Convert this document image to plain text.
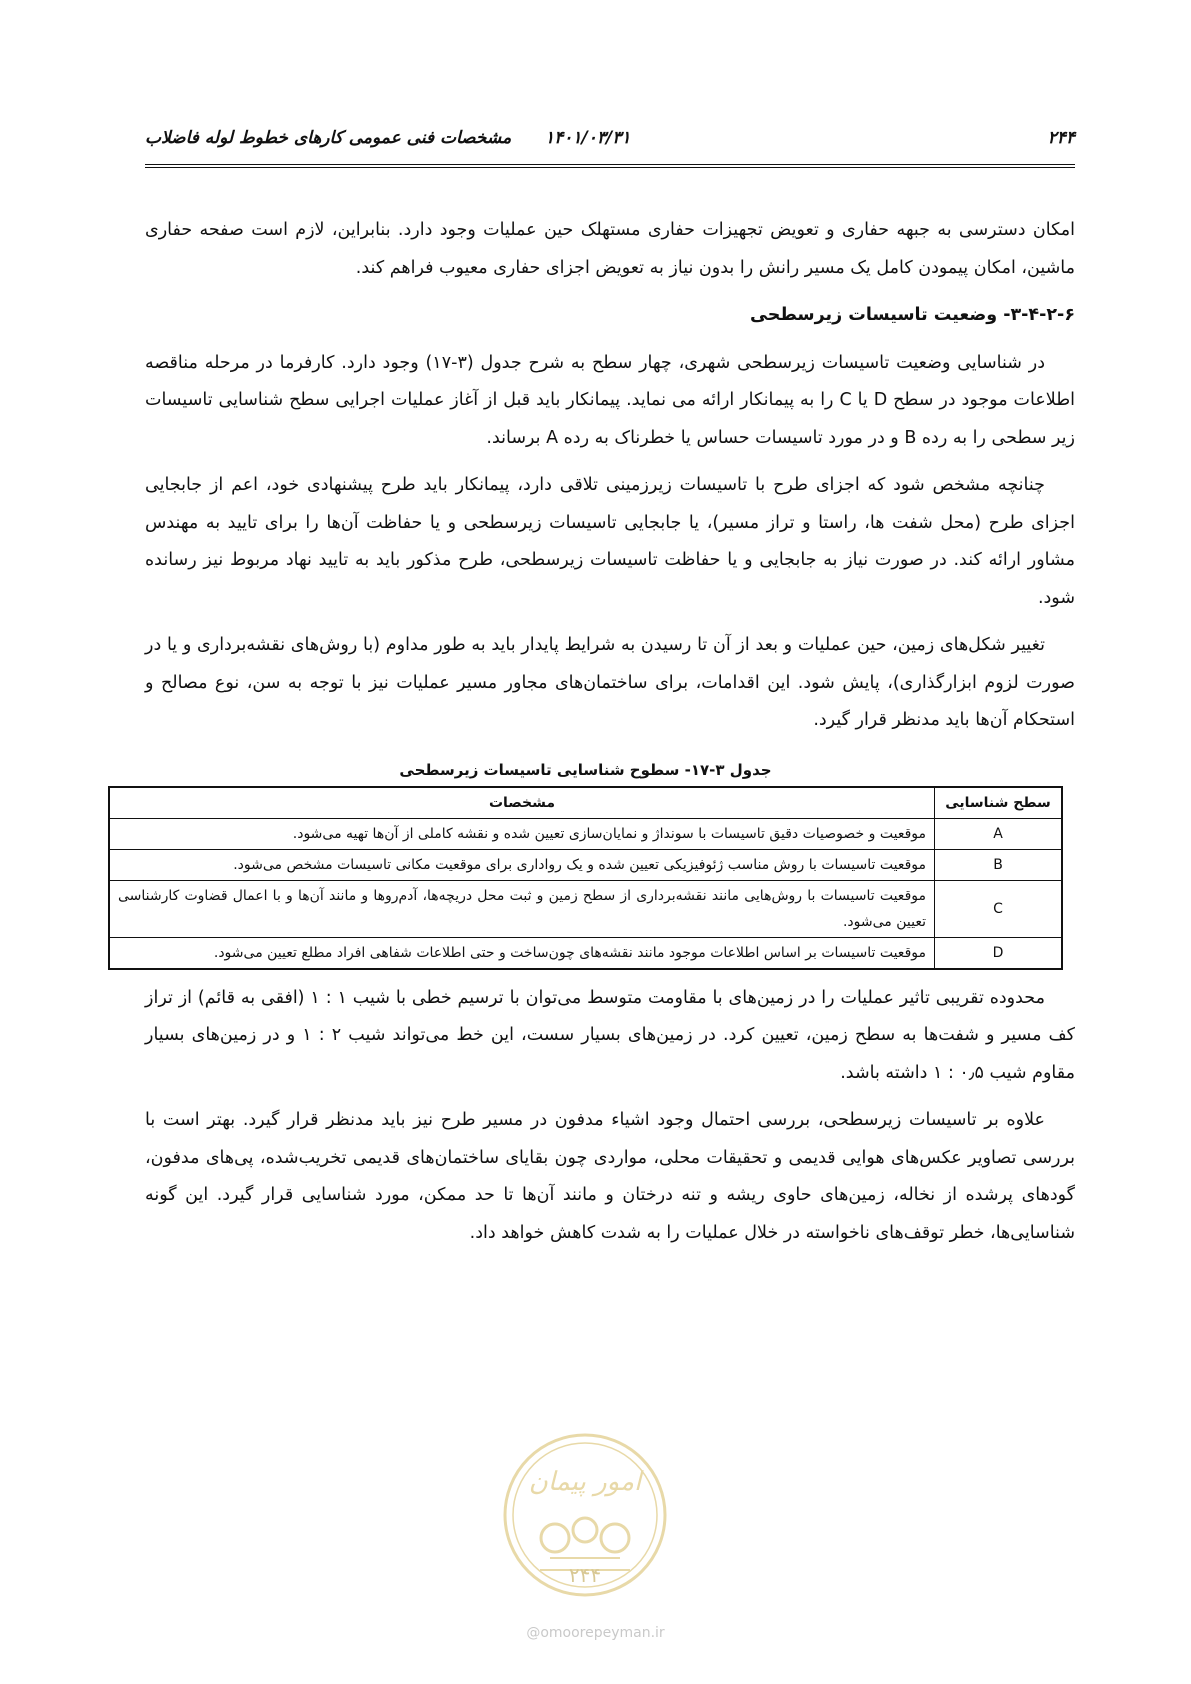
۲۴۴
۱۴۰۱/۰۳/۳۱
مشخصات فنی عمومی کارهای خطوط لوله فاضلاب

امکان دسترسی به جبهه حفاری و تعویض تجهیزات حفاری مستهلک حین عملیات وجود دارد. بنابراین، لازم است صفحه حفاری ماشین، امکان پیمودن کامل یک مسیر رانش را بدون نیاز به تعویض اجزای حفاری معیوب فراهم کند.

۳-۴-۲-۶- وضعیت تاسیسات زیرسطحی

در شناسایی وضعیت تاسیسات زیرسطحی شهری، چهار سطح به شرح جدول (۳-۱۷) وجود دارد. کارفرما در مرحله مناقصه اطلاعات موجود در سطح D یا C را به پیمانکار ارائه می نماید. پیمانکار باید قبل از آغاز عملیات اجرایی سطح شناسایی تاسیسات زیر سطحی را به رده B و در مورد تاسیسات حساس یا خطرناک به رده A برساند.

چنانچه مشخص شود که اجزای طرح با تاسیسات زیرزمینی تلاقی دارد، پیمانکار باید طرح پیشنهادی خود، اعم از جابجایی اجزای طرح (محل شفت ها، راستا و تراز مسیر)، یا جابجایی تاسیسات زیرسطحی و یا حفاظت آن‌ها را برای تایید به مهندس مشاور ارائه کند. در صورت نیاز به جابجایی و یا حفاظت تاسیسات زیرسطحی، طرح مذکور باید به تایید نهاد مربوط نیز رسانده شود.

تغییر شکل‌های زمین، حین عملیات و بعد از آن تا رسیدن به شرایط پایدار باید به طور مداوم (با روش‌های نقشه‌برداری و یا در صورت لزوم ابزارگذاری)، پایش شود. این اقدامات، برای ساختمان‌های مجاور مسیر عملیات نیز با توجه به سن، نوع مصالح و استحکام آن‌ها باید مدنظر قرار گیرد.

جدول ۳-۱۷- سطوح شناسایی تاسیسات زیرسطحی
سطح شناسایی	مشخصات
A	موقعیت و خصوصیات دقیق تاسیسات با سونداژ و نمایان‌سازی تعیین شده و نقشه کاملی از آن‌ها تهیه می‌شود.
B	موقعیت تاسیسات با روش مناسب ژئوفیزیکی تعیین شده و یک رواداری برای موقعیت مکانی تاسیسات مشخص می‌شود.
C	موقعیت تاسیسات با روش‌هایی مانند نقشه‌برداری از سطح زمین و ثبت محل دریچه‌ها، آدم‌روها و مانند آن‌ها و با اعمال قضاوت کارشناسی تعیین می‌شود.
D	موقعیت تاسیسات بر اساس اطلاعات موجود مانند نقشه‌های چون‌ساخت و حتی اطلاعات شفاهی افراد مطلع تعیین می‌شود.

محدوده تقریبی تاثیر عملیات را در زمین‌های با مقاومت متوسط می‌توان با ترسیم خطی با شیب ۱ : ۱ (افقی به قائم) از تراز کف مسیر و شفت‌ها به سطح زمین، تعیین کرد. در زمین‌های بسیار سست، این خط می‌تواند شیب ۲ : ۱ و در زمین‌های بسیار مقاوم شیب ۰٫۵ : ۱ داشته باشد.

علاوه بر تاسیسات زیرسطحی، بررسی احتمال وجود اشیاء مدفون در مسیر طرح نیز باید مدنظر قرار گیرد. بهتر است با بررسی تصاویر عکس‌های هوایی قدیمی و تحقیقات محلی، مواردی چون بقایای ساختمان‌های قدیمی تخریب‌شده، پی‌های مدفون، گودهای پرشده از نخاله، زمین‌های حاوی ریشه و تنه درختان و مانند آن‌ها تا حد ممکن، مورد شناسایی قرار گیرد. این گونه شناسایی‌ها، خطر توقف‌های ناخواسته در خلال عملیات را به شدت کاهش خواهد داد.

امور پیمان
۲۴۴
@omoorepeyman.ir
